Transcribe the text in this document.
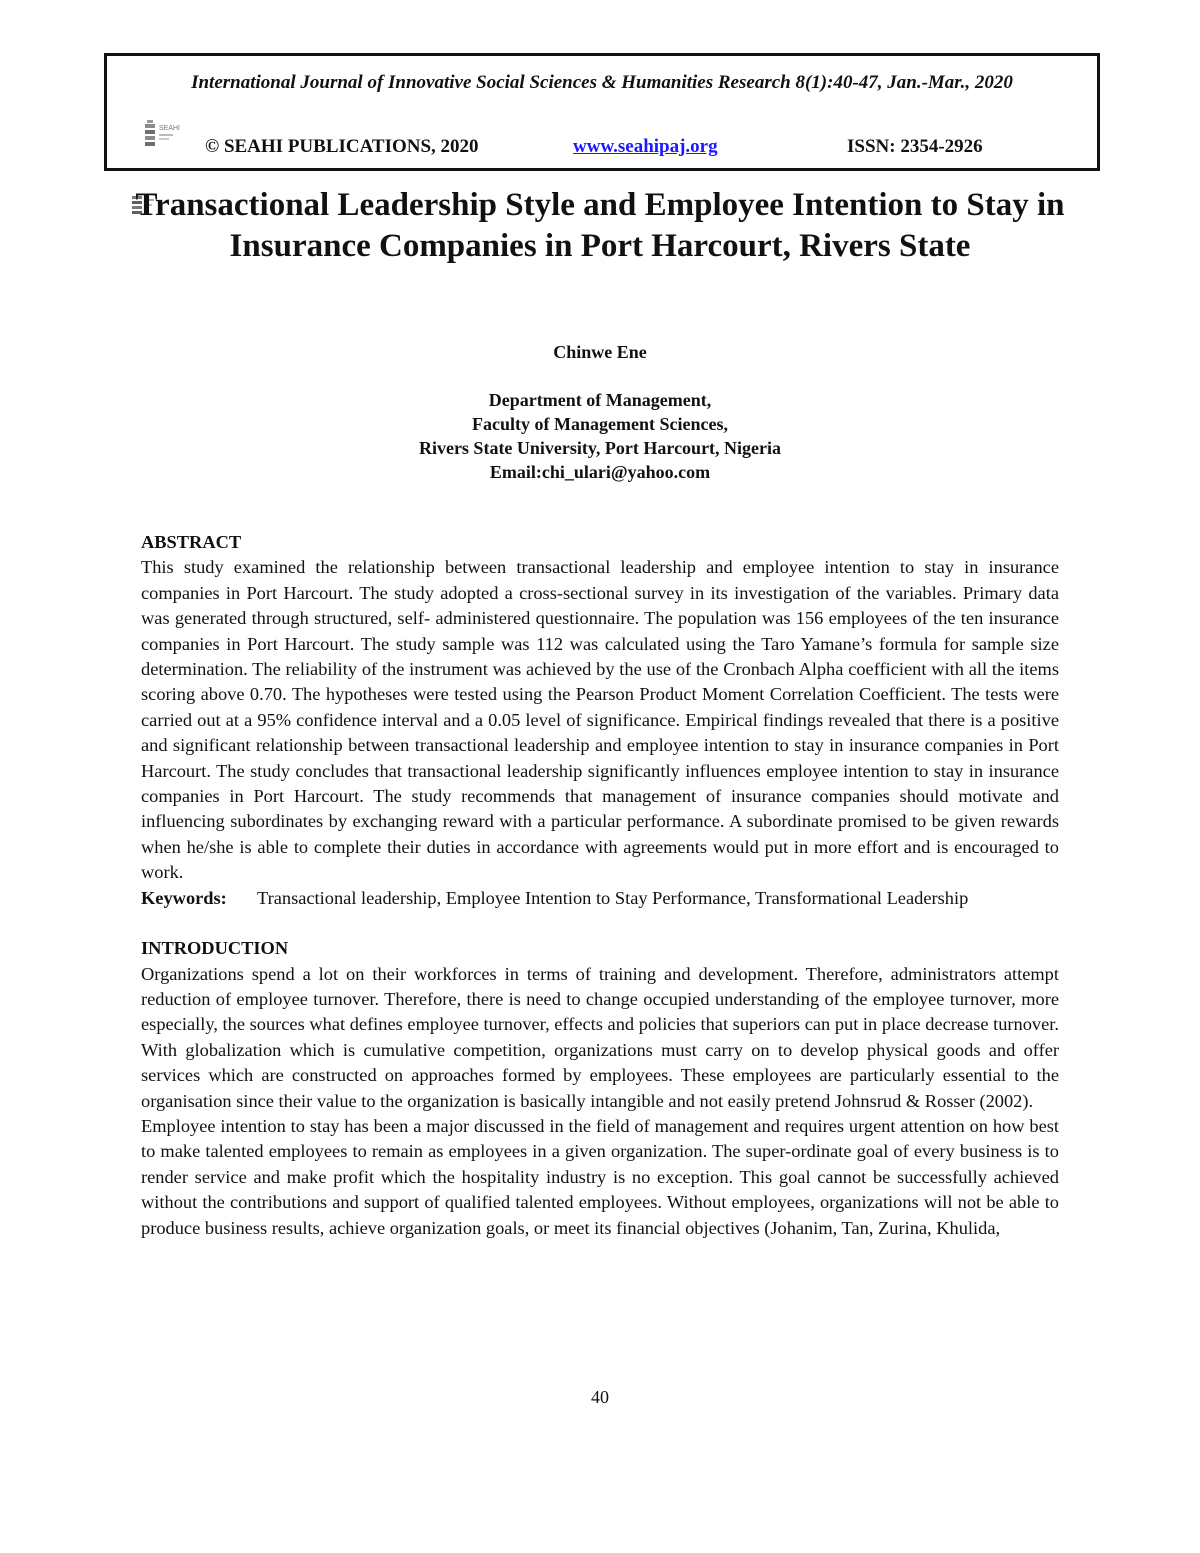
International Journal of Innovative Social Sciences & Humanities Research 8(1):40-47, Jan.-Mar., 2020
SEAHI
© SEAHI PUBLICATIONS, 2020	www.seahipaj.org	ISSN: 2354-2926
Transactional Leadership Style and Employee Intention to Stay in Insurance Companies in Port Harcourt, Rivers State
Chinwe Ene
Department of Management,
Faculty of Management Sciences,
Rivers State University, Port Harcourt, Nigeria
Email:chi_ulari@yahoo.com
ABSTRACT

This study examined the relationship between transactional leadership and employee intention to stay in insurance companies in Port Harcourt. The study adopted a cross-sectional survey in its investigation of the variables. Primary data was generated through structured, self- administered questionnaire. The population was 156 employees of the ten insurance companies in Port Harcourt. The study sample was 112 was calculated using the Taro Yamane’s formula for sample size determination. The reliability of the instrument was achieved by the use of the Cronbach Alpha coefficient with all the items scoring above 0.70. The hypotheses were tested using the Pearson Product Moment Correlation Coefficient. The tests were carried out at a 95% confidence interval and a 0.05 level of significance. Empirical findings revealed that there is a positive and significant relationship between transactional leadership and employee intention to stay in insurance companies in Port Harcourt. The study concludes that transactional leadership significantly influences employee intention to stay in insurance companies in Port Harcourt. The study recommends that management of insurance companies should motivate and influencing subordinates by exchanging reward with a particular performance. A subordinate promised to be given rewards when he/she is able to complete their duties in accordance with agreements would put in more effort and is encouraged to work.

Keywords:	Transactional leadership, Employee Intention to Stay Performance, Transformational Leadership
INTRODUCTION

Organizations spend a lot on their workforces in terms of training and development. Therefore, administrators attempt reduction of employee turnover. Therefore, there is need to change occupied understanding of the employee turnover, more especially, the sources what defines employee turnover, effects and policies that superiors can put in place decrease turnover. With globalization which is cumulative competition, organizations must carry on to develop physical goods and offer services which are constructed on approaches formed by employees. These employees are particularly essential to the organisation since their value to the organization is basically intangible and not easily pretend Johnsrud & Rosser (2002).

Employee intention to stay has been a major discussed in the field of management and requires urgent attention on how best to make talented employees to remain as employees in a given organization. The super-ordinate goal of every business is to render service and make profit which the hospitality industry is no exception. This goal cannot be successfully achieved without the contributions and support of qualified talented employees. Without employees, organizations will not be able to produce business results, achieve organization goals, or meet its financial objectives (Johanim, Tan, Zurina, Khulida,

40
